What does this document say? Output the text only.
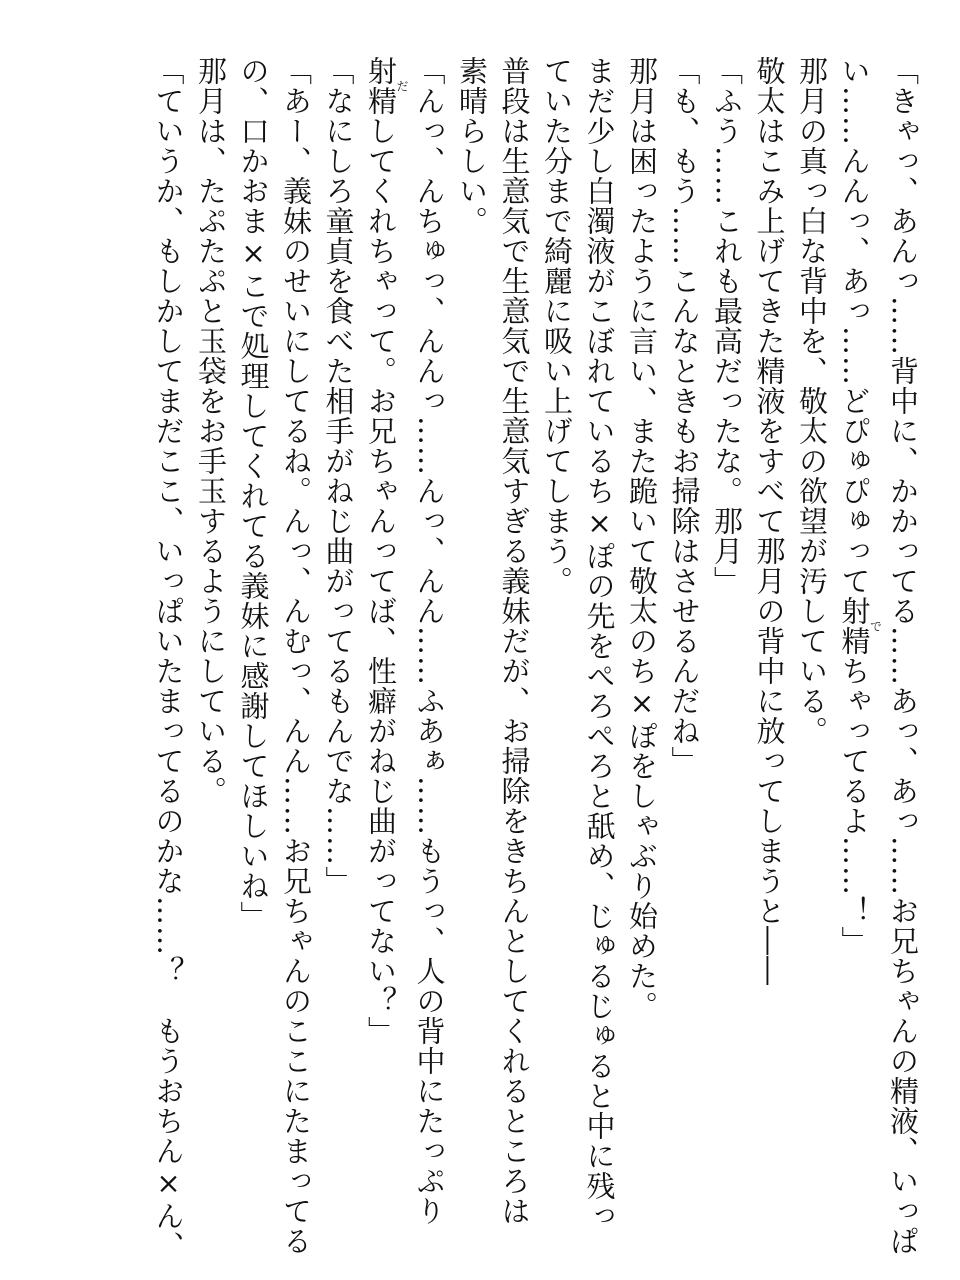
「きゃっ、あんっ……背中に、かかってる……あっ、あっ……お兄ちゃんの精液、いっぱ
い……んんっ、あっ……どぴゅぴゅって射精でちゃってるよ……！」
那月の真っ白な背中を、敬太の欲望が汚している。
敬太はこみ上げてきた精液をすべて那月の背中に放ってしまうと――
「ふう……これも最高だったな。那月」
「も、もう……こんなときもお掃除はさせるんだね」
那月は困ったように言い、また跪いて敬太のち×ぽをしゃぶり始めた。
まだ少し白濁液がこぼれているち×ぽの先をぺろぺろと舐め、じゅるじゅると中に残っ
ていた分まで綺麗に吸い上げてしまう。
普段は生意気で生意気で生意気すぎる義妹だが、お掃除をきちんとしてくれるところは
素晴らしい。
「んっ、んちゅっ、んんっ……んっ、んん……ふあぁ……もうっ、人の背中にたっぷり
射精だしてくれちゃって。お兄ちゃんってば、性癖がねじ曲がってない？」
「なにしろ童貞を食べた相手がねじ曲がってるもんでな……」
「あー、義妹のせいにしてるね。んっ、んむっ、んん……お兄ちゃんのここにたまってる
の、口かおま×こで処理してくれてる義妹に感謝してほしいね」
那月は、たぷたぷと玉袋をお手玉するようにしている。
「ていうか、もしかしてまだここ、いっぱいたまってるのかな……？　もうおちん×ん、
